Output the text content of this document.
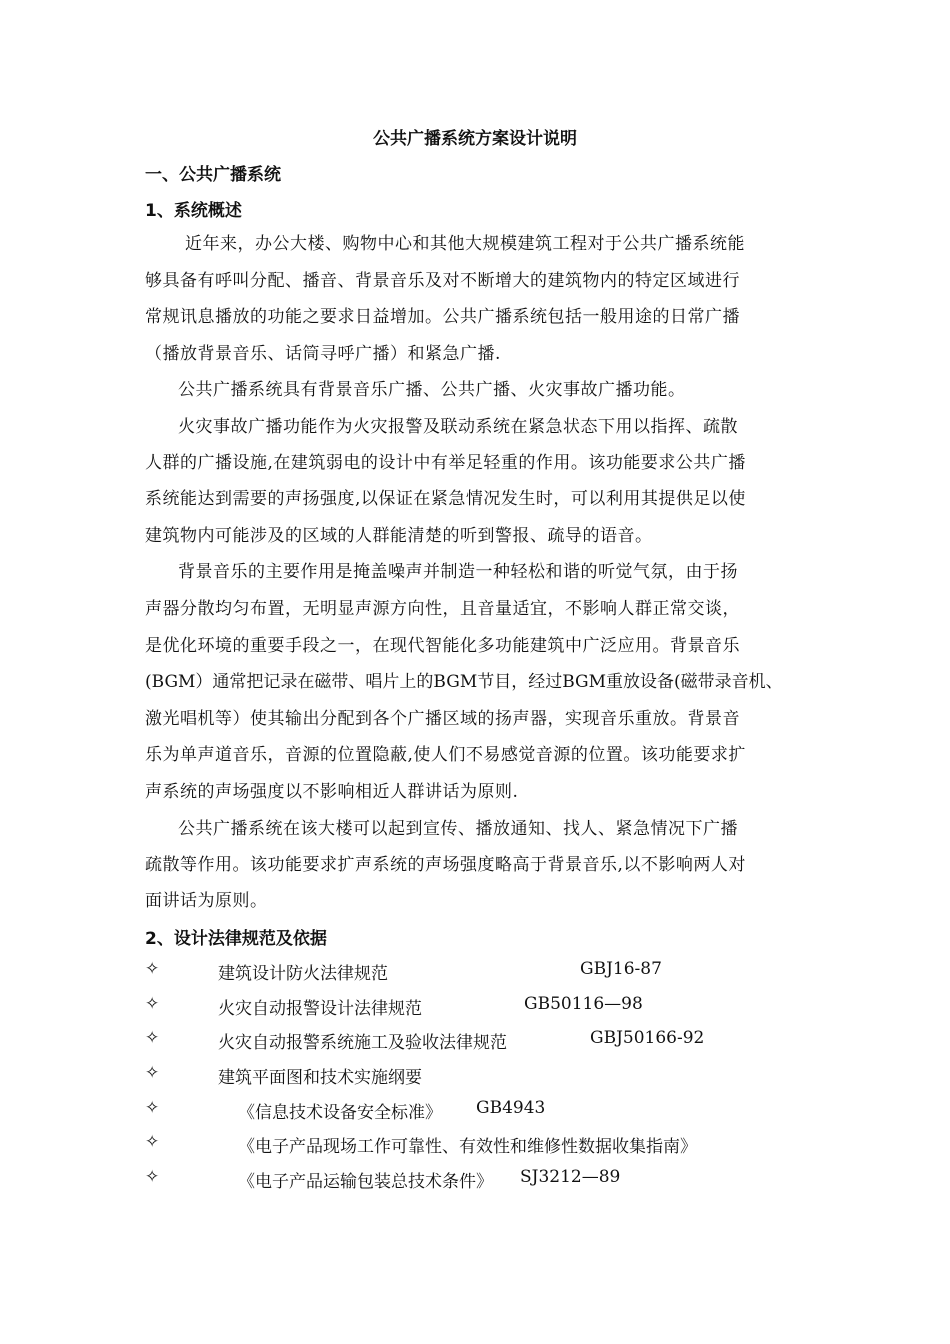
公共广播系统方案设计说明
一、公共广播系统
1、系统概述
近年来，办公大楼、购物中心和其他大规模建筑工程对于公共广播系统能
够具备有呼叫分配、播音、背景音乐及对不断增大的建筑物内的特定区域进行
常规讯息播放的功能之要求日益增加。公共广播系统包括一般用途的日常广播
（播放背景音乐、话筒寻呼广播）和紧急广播.
公共广播系统具有背景音乐广播、公共广播、火灾事故广播功能。
火灾事故广播功能作为火灾报警及联动系统在紧急状态下用以指挥、疏散
人群的广播设施,在建筑弱电的设计中有举足轻重的作用。该功能要求公共广播
系统能达到需要的声扬强度,以保证在紧急情况发生时，可以利用其提供足以使
建筑物内可能涉及的区域的人群能清楚的听到警报、疏导的语音。
背景音乐的主要作用是掩盖噪声并制造一种轻松和谐的听觉气氛，由于扬
声器分散均匀布置，无明显声源方向性，且音量适宜，不影响人群正常交谈，
是优化环境的重要手段之一，在现代智能化多功能建筑中广泛应用。背景音乐
(BGM）通常把记录在磁带、唱片上的BGM节目，经过BGM重放设备(磁带录音机、
激光唱机等）使其输出分配到各个广播区域的扬声器，实现音乐重放。背景音
乐为单声道音乐，音源的位置隐蔽,使人们不易感觉音源的位置。该功能要求扩
声系统的声场强度以不影响相近人群讲话为原则.
公共广播系统在该大楼可以起到宣传、播放通知、找人、紧急情况下广播
疏散等作用。该功能要求扩声系统的声场强度略高于背景音乐,以不影响两人对
面讲话为原则。
2、设计法律规范及依据
✧	建筑设计防火法律规范	GBJ16-87
✧	火灾自动报警设计法律规范	GB50116—98
✧	火灾自动报警系统施工及验收法律规范	GBJ50166-92
✧	建筑平面图和技术实施纲要
✧	《信息技术设备安全标准》 GB4943
✧	《电子产品现场工作可靠性、有效性和维修性数据收集指南》
✧	《电子产品运输包装总技术条件》 SJ3212—89
